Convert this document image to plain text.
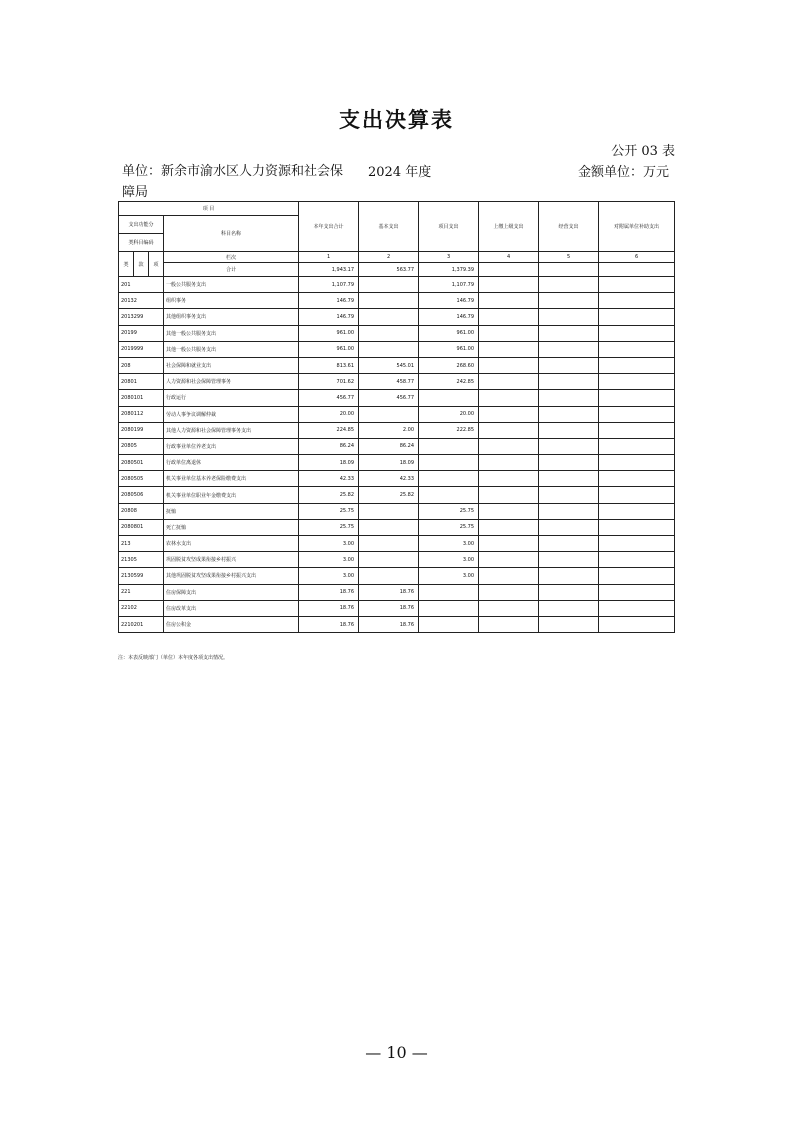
支出决算表
公开 03 表
单位：新余市渝水区人力资源和社会保障局
2024 年度	金额单位：万元
项 目				本年支出合计	基本支出	项目支出	上缴上级支出	经营支出	对附属单位补助支出
支出功能分			科目名称						
类科目编码									
类	款	项	栏次	1	2	3	4	5	6
			合计	1,943.17	563.77	1,379.39			
201			一般公共服务支出	1,107.79		1,107.79			
20132			组织事务	146.79		146.79			
2013299			其他组织事务支出	146.79		146.79			
20199			其他一般公共服务支出	961.00		961.00			
2019999			其他一般公共服务支出	961.00		961.00			
208			社会保障和就业支出	813.61	545.01	268.60			
20801			人力资源和社会保障管理事务	701.62	458.77	242.85			
2080101			行政运行	456.77	456.77				
2080112			劳动人事争议调解仲裁	20.00		20.00			
2080199			其他人力资源和社会保障管理事务支出	224.85	2.00	222.85			
20805			行政事业单位养老支出	86.24	86.24				
2080501			行政单位离退休	18.09	18.09				
2080505			机关事业单位基本养老保险缴费支出	42.33	42.33				
2080506			机关事业单位职业年金缴费支出	25.82	25.82				
20808			抚恤	25.75		25.75			
2080801			死亡抚恤	25.75		25.75			
213			农林水支出	3.00		3.00			
21305			巩固脱贫攻坚成果衔接乡村振兴	3.00		3.00			
2130599			其他巩固脱贫攻坚成果衔接乡村振兴支出	3.00		3.00			
221			住房保障支出	18.76	18.76				
22102			住房改革支出	18.76	18.76				
2210201			住房公积金	18.76	18.76				
注：本表反映部门（单位）本年度各项支出情况。
— 10 —
